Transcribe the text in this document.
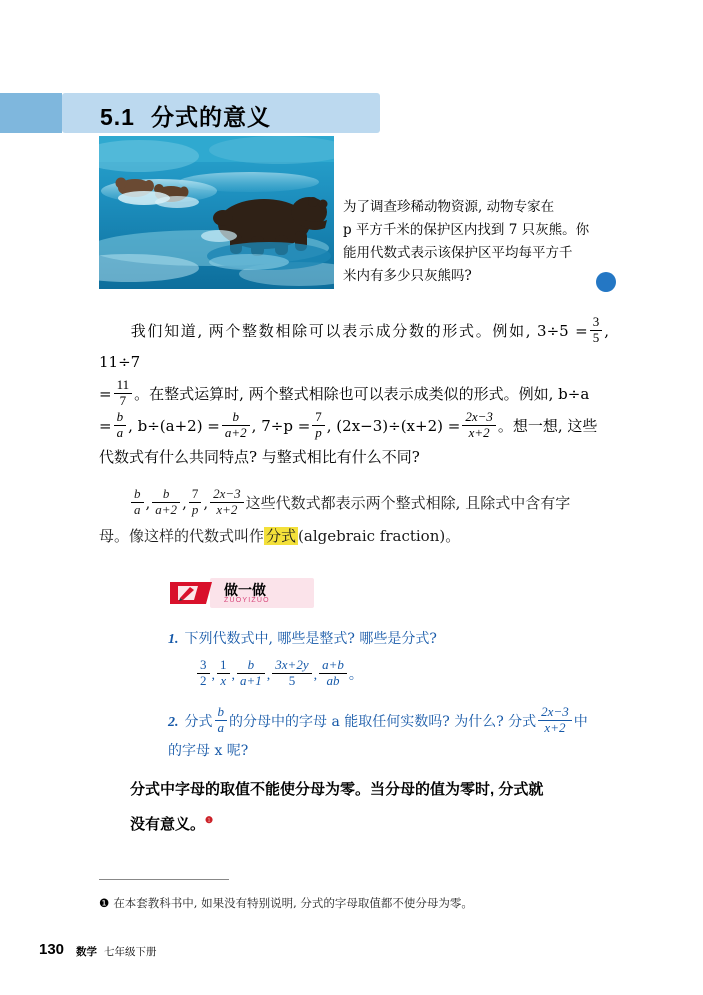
5.1 分式的意义
为了调查珍稀动物资源, 动物专家在
p 平方千米的保护区内找到 7 只灰熊。你
能用代数式表示该保护区平均每平方千
米内有多少只灰熊吗?
我们知道, 两个整数相除可以表示成分数的形式。例如, $3\div 5 = \frac{3}{5}$ , 11÷7
= $\frac{11}{7}$ 。在整式运算时, 两个整式相除也可以表示成类似的形式。例如, b÷a
= $\frac{b}{a}$ , $b\div(a+2) = \frac{b}{a+2}$ , $7\div p = \frac{7}{p}$ , $(2x-3)\div(x+2) = \frac{2x-3}{x+2}$ 。想一想, 这些
代数式有什么共同特点? 与整式相比有什么不同?
$\frac{b}{a}$ , $\frac{b}{a+2}$ , $\frac{7}{p}$ , $\frac{2x-3}{x+2}$ 这些代数式都表示两个整式相除, 且除式中含有字
母。像这样的代数式叫作 分式 (algebraic fraction)。
做一做
ZUOYIZUO
1. 下列代数式中, 哪些是整式? 哪些是分式?
$\frac{3}{2}$ , $\frac{1}{x}$ , $\frac{b}{a+1}$ , $\frac{3x+2y}{5}$ , $\frac{a+b}{ab}$ 。
2. 分式 $\frac{b}{a}$ 的分母中的字母 a 能取任何实数吗? 为什么? 分式 $\frac{2x-3}{x+2}$ 中
的字母 x 呢?
分式中字母的取值不能使分母为零。当分母的值为零时, 分式就
没有意义。$^❶$
❶ 在本套教科书中, 如果没有特别说明, 分式的字母取值都不使分母为零。
130 数学 七年级下册
